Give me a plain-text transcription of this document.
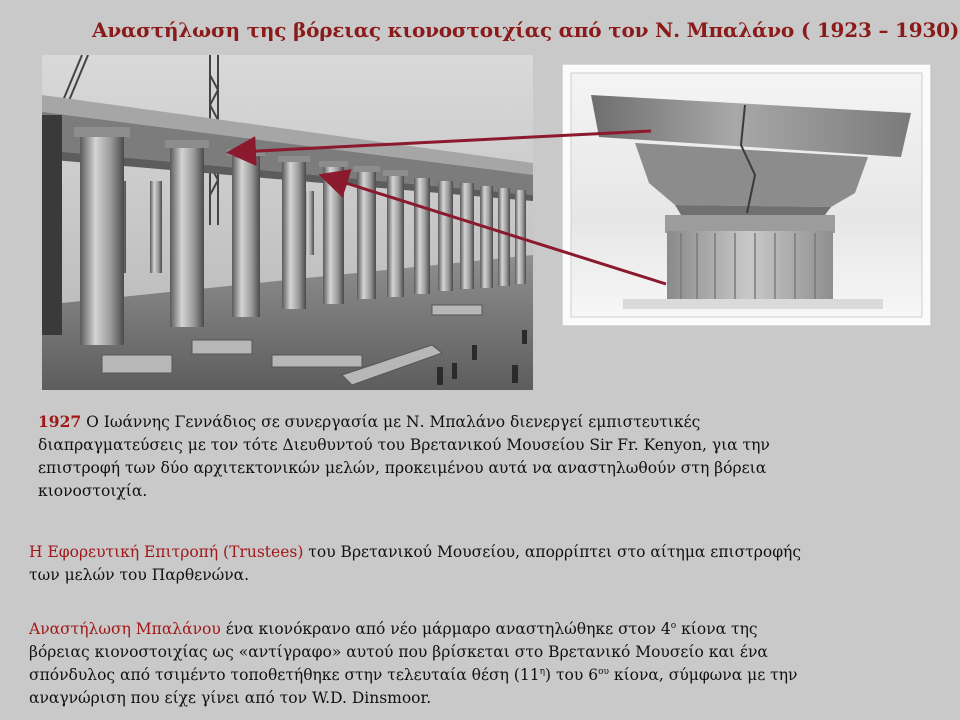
Αναστήλωση της βόρειας κιονοστοιχίας από τον Ν. Μπαλάνο ( 1923 – 1930)
1927 Ο Ιωάννης Γεννάδιος σε συνεργασία με Ν. Μπαλάνο διενεργεί εμπιστευτικές
διαπραγματεύσεις με τον τότε Διευθυντού του Βρετανικού Μουσείου Sir Fr. Kenyon, για την
επιστροφή των δύο αρχιτεκτονικών μελών, προκειμένου αυτά να αναστηλωθούν στη βόρεια
κιονοστοιχία.
Η Εφορευτική Επιτροπή (Trustees) του Βρετανικού Μουσείου, απορρίπτει στο αίτημα επιστροφής
των μελών του Παρθενώνα.
Αναστήλωση Μπαλάνου ένα κιονόκρανο από νέο μάρμαρο αναστηλώθηκε στον $4^o$ κίονα της
βόρειας κιονοστοιχίας ως «αντίγραφο» αυτού που βρίσκεται στο Βρετανικό Μουσείο και ένα
σπόνδυλος από τσιμέντο τοποθετήθηκε στην τελευταία θέση $(11^\eta)$ του $6^{o\upsilon}$ κίονα, σύμφωνα με την
αναγνώριση που είχε γίνει από τον W.D. Dinsmoor.
